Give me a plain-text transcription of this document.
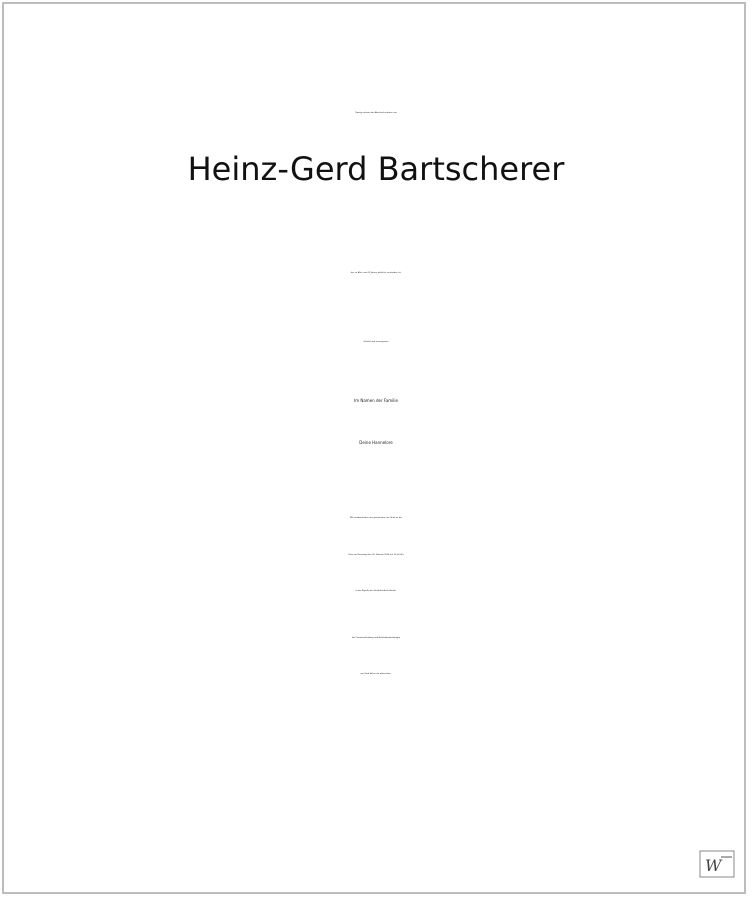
Traurig müssen wir Abschied nehmen von
Heinz-Gerd Bartscherer
der im Alter von 69 Jahren plötzlich verstorben ist.
Geliebt und unvergessen
Im Namen der Familie
Deine Hannelore
Wir verabschieden uns gemeinsam von Gerd an der
Urne am Dienstag, den 24. Februar 2026 um 10.00 Uhr
in der Kapelle des Heidefriedhofs Breloh.
Von Trauerbekleidung und Beileidsbekundungen
am Grab bitten wir abzusehen.
W
